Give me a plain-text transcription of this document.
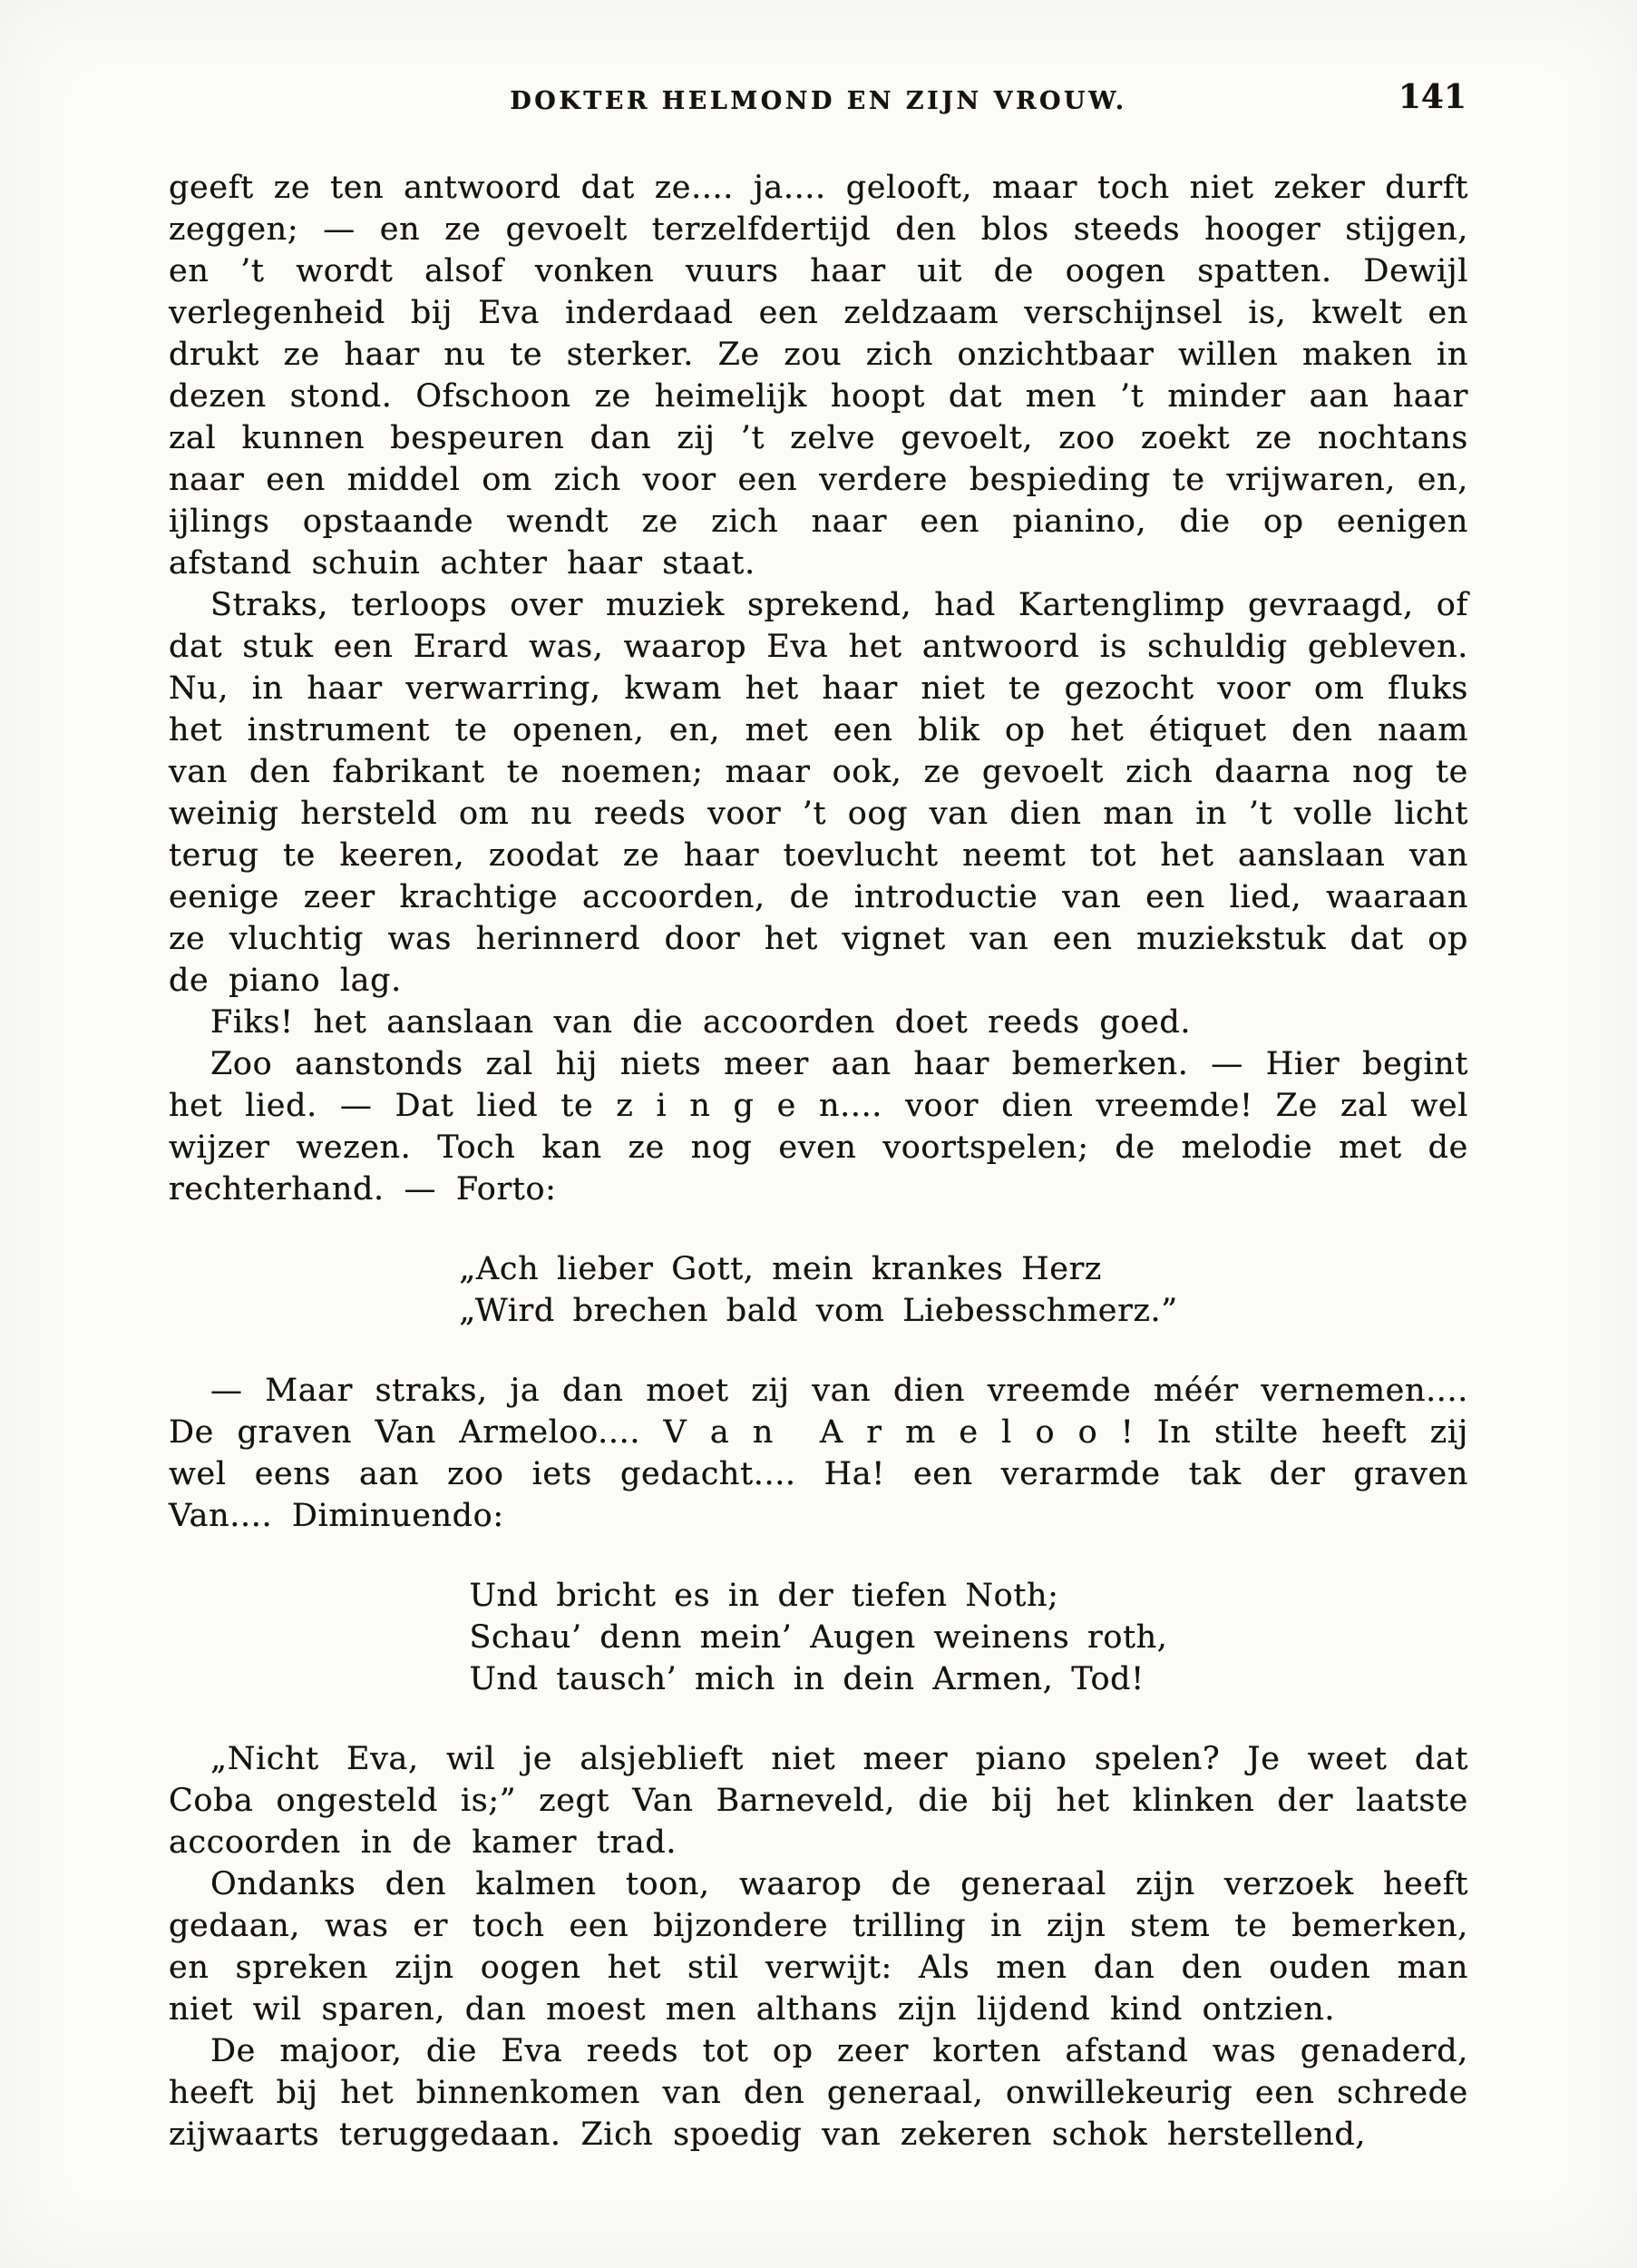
DOKTER HELMOND EN ZIJN VROUW.	141

geeft ze ten antwoord dat ze.... ja.... gelooft, maar toch niet zeker durft zeggen; — en ze gevoelt terzelfdertijd den blos steeds hooger stijgen, en ’t wordt alsof vonken vuurs haar uit de oogen spatten. Dewijl verlegenheid bij Eva inderdaad een zeldzaam verschijnsel is, kwelt en drukt ze haar nu te sterker. Ze zou zich onzichtbaar willen maken in dezen stond. Ofschoon ze heimelijk hoopt dat men ’t minder aan haar zal kunnen bespeuren dan zij ’t zelve gevoelt, zoo zoekt ze nochtans naar een middel om zich voor een verdere bespieding te vrijwaren, en, ijlings opstaande wendt ze zich naar een pianino, die op eenigen afstand schuin achter haar staat.

Straks, terloops over muziek sprekend, had Kartenglimp gevraagd, of dat stuk een Erard was, waarop Eva het antwoord is schuldig gebleven. Nu, in haar verwarring, kwam het haar niet te gezocht voor om fluks het instrument te openen, en, met een blik op het étiquet den naam van den fabrikant te noemen; maar ook, ze gevoelt zich daarna nog te weinig hersteld om nu reeds voor ’t oog van dien man in ’t volle licht terug te keeren, zoodat ze haar toevlucht neemt tot het aanslaan van eenige zeer krachtige accoorden, de introductie van een lied, waaraan ze vluchtig was herinnerd door het vignet van een muziekstuk dat op de piano lag.

Fiks! het aanslaan van die accoorden doet reeds goed.

Zoo aanstonds zal hij niets meer aan haar bemerken. — Hier begint het lied. — Dat lied te z i n g e n.... voor dien vreemde! Ze zal wel wijzer wezen. Toch kan ze nog even voortspelen; de melodie met de rechterhand. — Forto:

„Ach lieber Gott, mein krankes Herz

„Wird brechen bald vom Liebesschmerz.”

— Maar straks, ja dan moet zij van dien vreemde méér vernemen.... De graven Van Armeloo.... V a n  A r m e l o o ! In stilte heeft zij wel eens aan zoo iets gedacht.... Ha! een verarmde tak der graven Van.... Diminuendo:

Und bricht es in der tiefen Noth;

Schau’ denn mein’ Augen weinens roth,

Und tausch’ mich in dein Armen, Tod!

„Nicht Eva, wil je alsjeblieft niet meer piano spelen? Je weet dat Coba ongesteld is;” zegt Van Barneveld, die bij het klinken der laatste accoorden in de kamer trad.

Ondanks den kalmen toon, waarop de generaal zijn verzoek heeft gedaan, was er toch een bijzondere trilling in zijn stem te bemerken, en spreken zijn oogen het stil verwijt: Als men dan den ouden man niet wil sparen, dan moest men althans zijn lijdend kind ontzien.

De majoor, die Eva reeds tot op zeer korten afstand was genaderd, heeft bij het binnenkomen van den generaal, onwillekeurig een schrede zijwaarts teruggedaan. Zich spoedig van zekeren schok herstellend,
